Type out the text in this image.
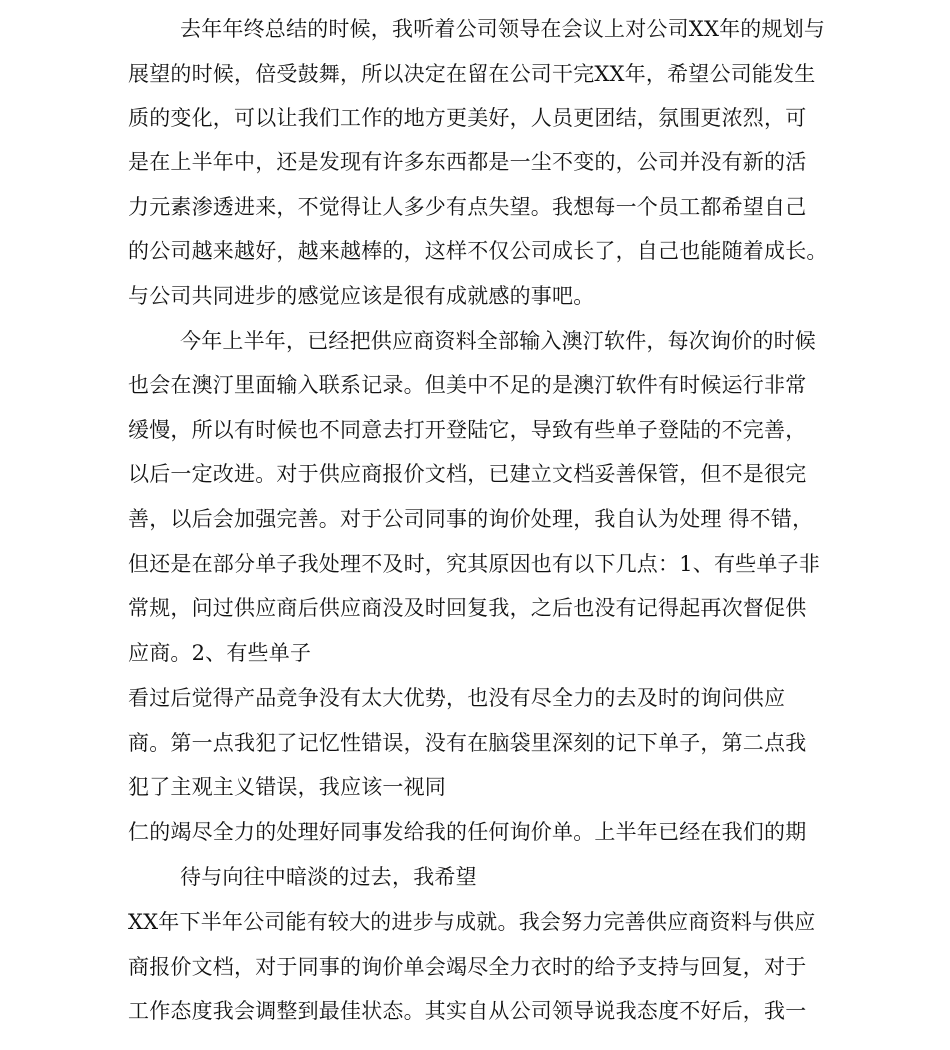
去年年终总结的时候，我听着公司领导在会议上对公司XX年的规划与
展望的时候，倍受鼓舞，所以决定在留在公司干完XX年，希望公司能发生
质的变化，可以让我们工作的地方更美好，人员更团结，氛围更浓烈，可
是在上半年中，还是发现有许多东西都是一尘不变的，公司并没有新的活
力元素渗透进来，不觉得让人多少有点失望。我想每一个员工都希望自己
的公司越来越好，越来越棒的，这样不仅公司成长了，自己也能随着成长。
与公司共同进步的感觉应该是很有成就感的事吧。
今年上半年，已经把供应商资料全部输入澳汀软件，每次询价的时候
也会在澳汀里面输入联系记录。但美中不足的是澳汀软件有时候运行非常
缓慢，所以有时候也不同意去打开登陆它，导致有些单子登陆的不完善，
以后一定改进。对于供应商报价文档，已建立文档妥善保管，但不是很完
善，以后会加强完善。对于公司同事的询价处理，我自认为处理 得不错，
但还是在部分单子我处理不及时，究其原因也有以下几点：1、有些单子非
常规，问过供应商后供应商没及时回复我，之后也没有记得起再次督促供
应商。2、有些单子
看过后觉得产品竞争没有太大优势，也没有尽全力的去及时的询问供应
商。第一点我犯了记忆性错误，没有在脑袋里深刻的记下单子，第二点我
犯了主观主义错误，我应该一视同
仁的竭尽全力的处理好同事发给我的任何询价单。上半年已经在我们的期
待与向往中暗淡的过去，我希望
XX年下半年公司能有较大的进步与成就。我会努力完善供应商资料与供应
商报价文档，对于同事的询价单会竭尽全力衣时的给予支持与回复，对于
工作态度我会调整到最佳状态。其实自从公司领导说我态度不好后，我一
